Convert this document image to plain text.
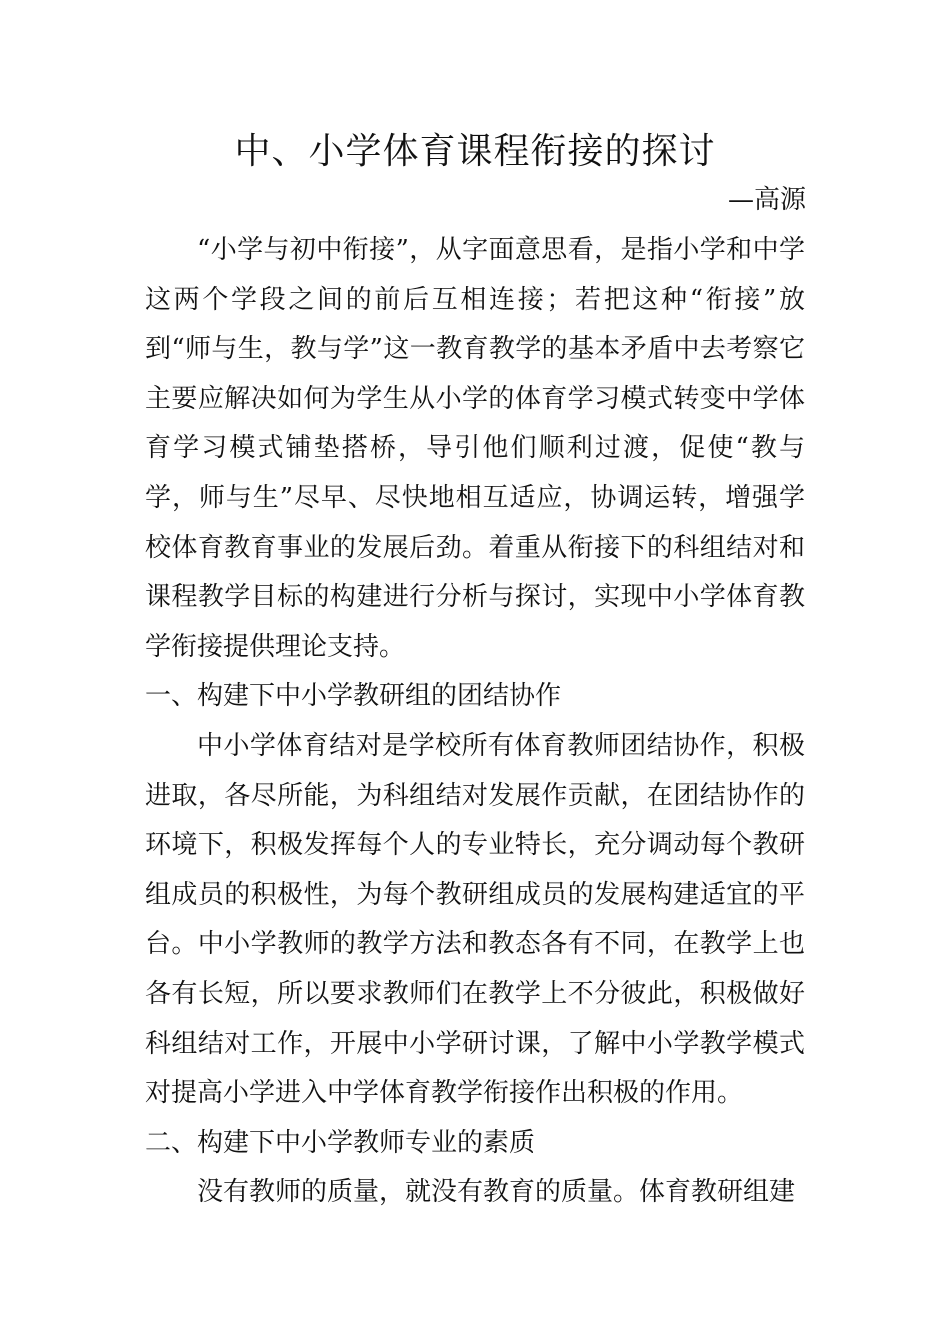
中、小学体育课程衔接的探讨
—高源

“小学与初中衔接”，从字面意思看，是指小学和中学这两个学段之间的前后互相连接；若把这种“衔接”放到“师与生，教与学”这一教育教学的基本矛盾中去考察它主要应解决如何为学生从小学的体育学习模式转变中学体育学习模式铺垫搭桥，导引他们顺利过渡，促使“教与学，师与生”尽早、尽快地相互适应，协调运转，增强学校体育教育事业的发展后劲。着重从衔接下的科组结对和课程教学目标的构建进行分析与探讨，实现中小学体育教学衔接提供理论支持。

一、构建下中小学教研组的团结协作

中小学体育结对是学校所有体育教师团结协作，积极进取，各尽所能，为科组结对发展作贡献，在团结协作的环境下，积极发挥每个人的专业特长，充分调动每个教研组成员的积极性，为每个教研组成员的发展构建适宜的平台。中小学教师的教学方法和教态各有不同，在教学上也各有长短，所以要求教师们在教学上不分彼此，积极做好科组结对工作，开展中小学研讨课，了解中小学教学模式对提高小学进入中学体育教学衔接作出积极的作用。

二、构建下中小学教师专业的素质

没有教师的质量，就没有教育的质量。体育教研组建
